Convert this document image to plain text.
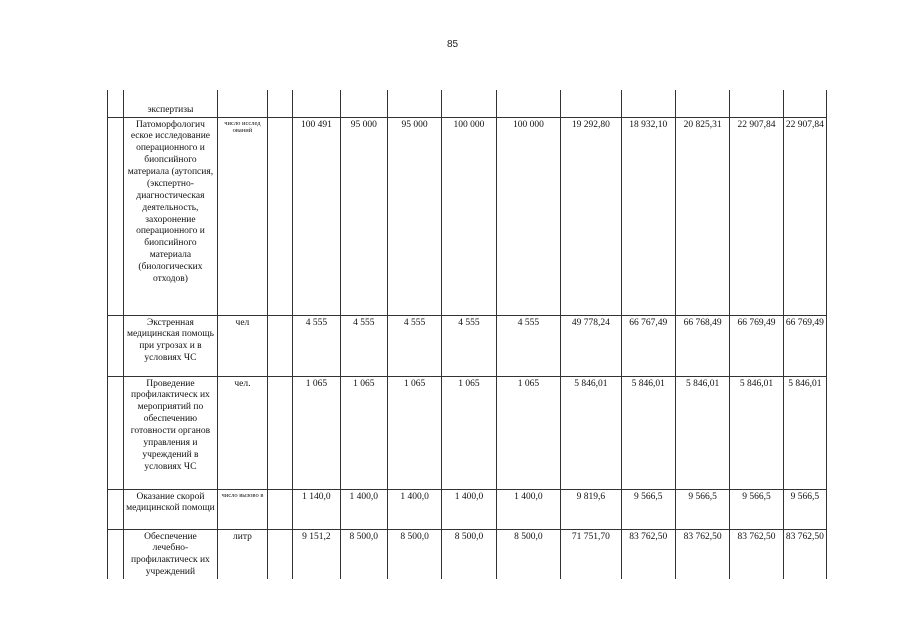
85
	экспертизы												
	Патоморфологич еское исследование операционного и биопсийного материала (аутопсия, (экспертно-диагностическая деятельность, захоронение операционного и биопсийного материала (биологических отходов)	число исслед ований		100 491	95 000	95 000	100 000	100 000	19 292,80	18 932,10	20 825,31	22 907,84	22 907,84
	Экстренная медицинская помощь при угрозах и в условиях ЧС	чел		4 555	4 555	4 555	4 555	4 555	49 778,24	66 767,49	66 768,49	66 769,49	66 769,49
	Проведение профилактическ их мероприятий по обеспечению готовности органов управления и учреждений в условиях ЧС	чел.		1 065	1 065	1 065	1 065	1 065	5 846,01	5 846,01	5 846,01	5 846,01	5 846,01
	Оказание скорой медицинской помощи	число вызово в		1 140,0	1 400,0	1 400,0	1 400,0	1 400,0	9 819,6	9 566,5	9 566,5	9 566,5	9 566,5
	Обеспечение лечебно-профилактическ их учреждений	литр		9 151,2	8 500,0	8 500,0	8 500,0	8 500,0	71 751,70	83 762,50	83 762,50	83 762,50	83 762,50
